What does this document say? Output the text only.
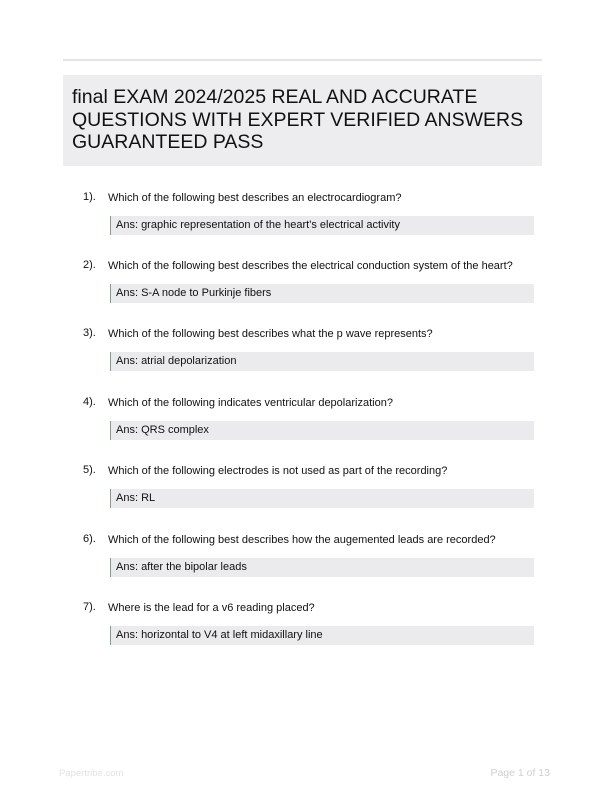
ﬁnal EXAM 2024/2025 REAL AND ACCURATE QUESTIONS WITH EXPERT VERIFIED ANSWERS GUARANTEED PASS
1). Which of the following best describes an electrocardiogram?
Ans: graphic representation of the heart's electrical activity
2). Which of the following best describes the electrical conduction system of the heart?
Ans: S-A node to Purkinje fibers
3). Which of the following best describes what the p wave represents?
Ans: atrial depolarization
4). Which of the following indicates ventricular depolarization?
Ans: QRS complex
5). Which of the following electrodes is not used as part of the recording?
Ans: RL
6). Which of the following best describes how the augemented leads are recorded?
Ans: after the bipolar leads
7). Where is the lead for a v6 reading placed?
Ans: horizontal to V4 at left midaxillary line
Papertribe.com	Page 1 of 13
